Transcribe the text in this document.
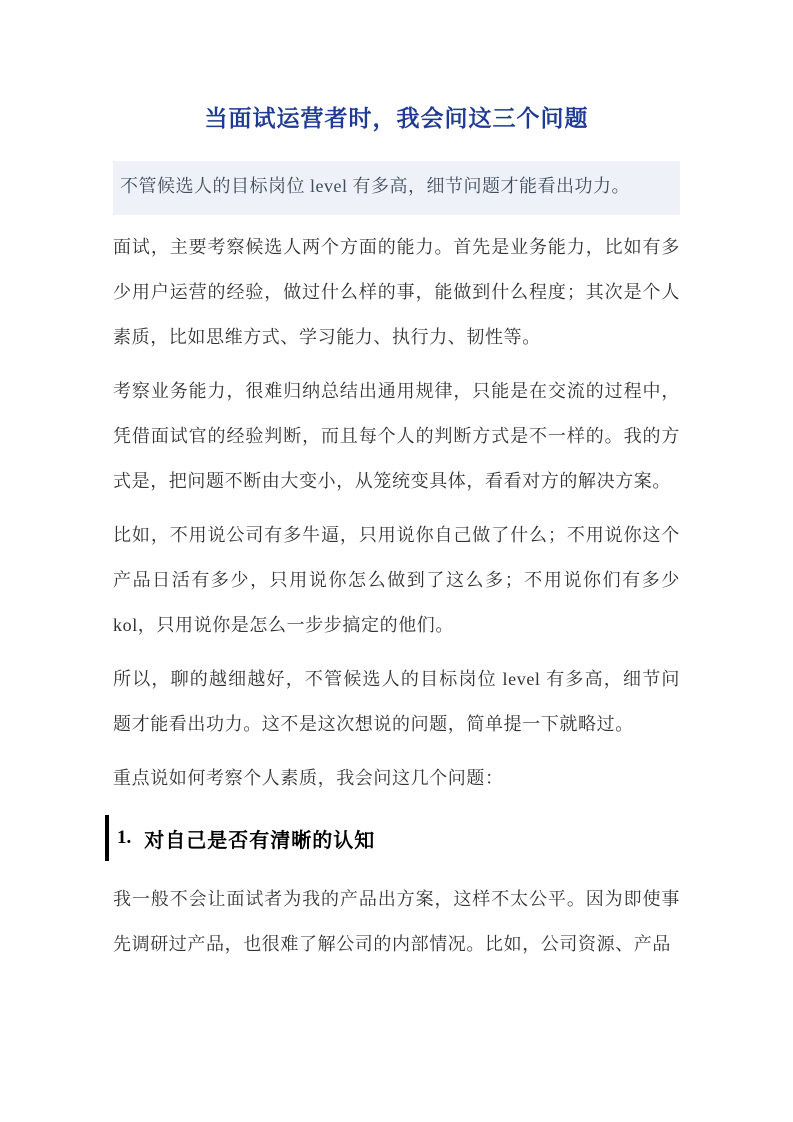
当面试运营者时，我会问这三个问题
不管候选人的目标岗位 level 有多高，细节问题才能看出功力。

面试，主要考察候选人两个方面的能力。首先是业务能力，比如有多少用户运营的经验，做过什么样的事，能做到什么程度；其次是个人素质，比如思维方式、学习能力、执行力、韧性等。

考察业务能力，很难归纳总结出通用规律，只能是在交流的过程中，凭借面试官的经验判断，而且每个人的判断方式是不一样的。我的方式是，把问题不断由大变小，从笼统变具体，看看对方的解决方案。

比如，不用说公司有多牛逼，只用说你自己做了什么；不用说你这个产品日活有多少，只用说你怎么做到了这么多；不用说你们有多少 kol，只用说你是怎么一步步搞定的他们。

所以，聊的越细越好，不管候选人的目标岗位 level 有多高，细节问题才能看出功力。这不是这次想说的问题，简单提一下就略过。

重点说如何考察个人素质，我会问这几个问题：

1. 对自己是否有清晰的认知

我一般不会让面试者为我的产品出方案，这样不太公平。因为即使事先调研过产品，也很难了解公司的内部情况。比如，公司资源、产品
